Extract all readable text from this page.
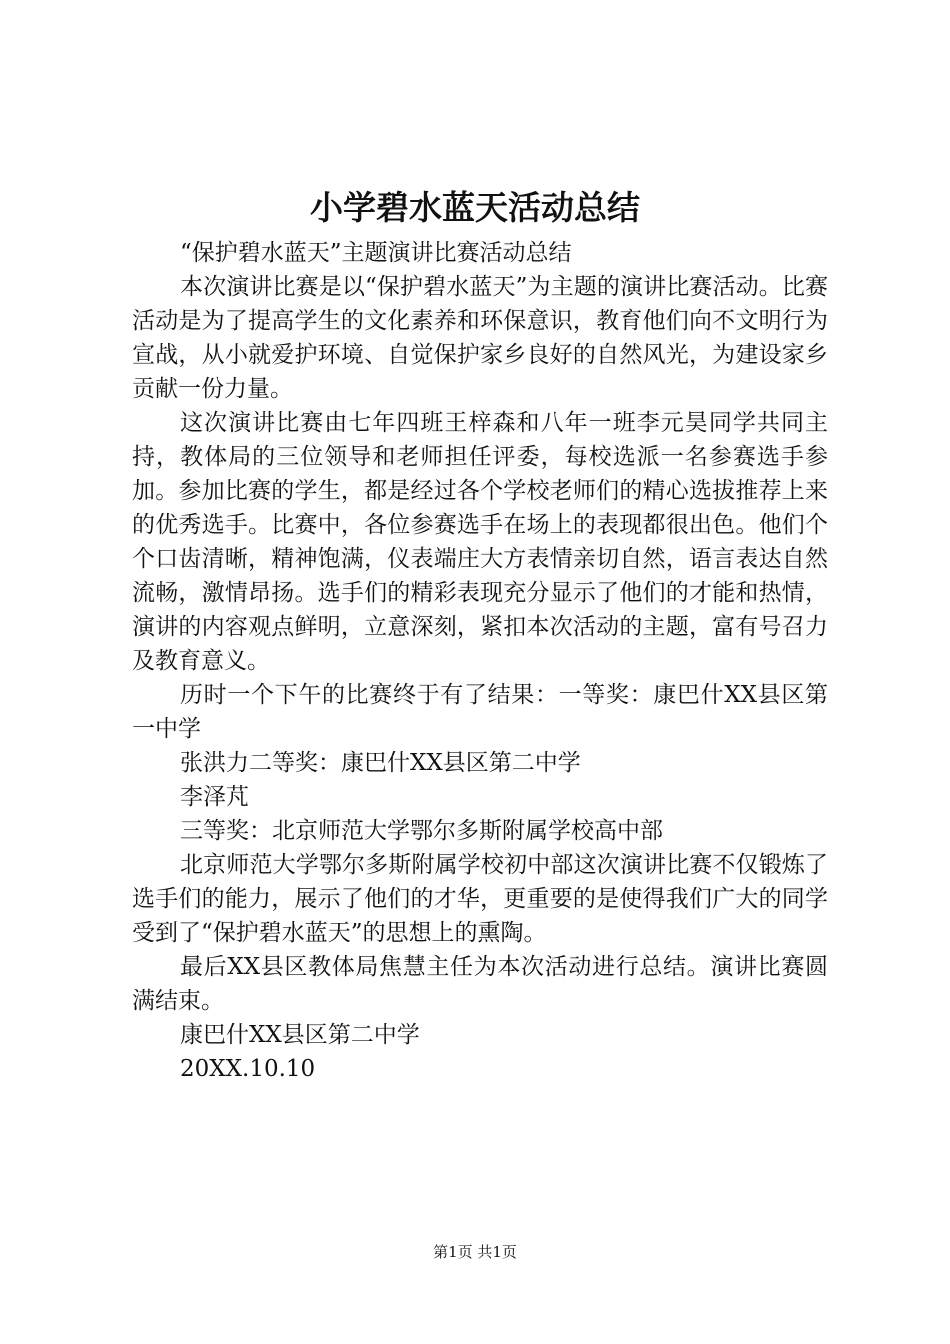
小学碧水蓝天活动总结

“保护碧水蓝天”主题演讲比赛活动总结

本次演讲比赛是以“保护碧水蓝天”为主题的演讲比赛活动。比赛活动是为了提高学生的文化素养和环保意识，教育他们向不文明行为宣战，从小就爱护环境、自觉保护家乡良好的自然风光，为建设家乡贡献一份力量。

这次演讲比赛由七年四班王梓森和八年一班李元昊同学共同主持，教体局的三位领导和老师担任评委，每校选派一名参赛选手参加。参加比赛的学生，都是经过各个学校老师们的精心选拔推荐上来的优秀选手。比赛中，各位参赛选手在场上的表现都很出色。他们个个口齿清晰，精神饱满，仪表端庄大方表情亲切自然，语言表达自然流畅，激情昂扬。选手们的精彩表现充分显示了他们的才能和热情，演讲的内容观点鲜明，立意深刻，紧扣本次活动的主题，富有号召力及教育意义。

历时一个下午的比赛终于有了结果：一等奖：康巴什XX县区第一中学

张洪力二等奖：康巴什XX县区第二中学

李泽芃

三等奖：北京师范大学鄂尔多斯附属学校高中部

北京师范大学鄂尔多斯附属学校初中部这次演讲比赛不仅锻炼了选手们的能力，展示了他们的才华，更重要的是使得我们广大的同学受到了“保护碧水蓝天”的思想上的熏陶。

最后XX县区教体局焦慧主任为本次活动进行总结。演讲比赛圆满结束。

康巴什XX县区第二中学

20XX.10.10

第1页 共1页
